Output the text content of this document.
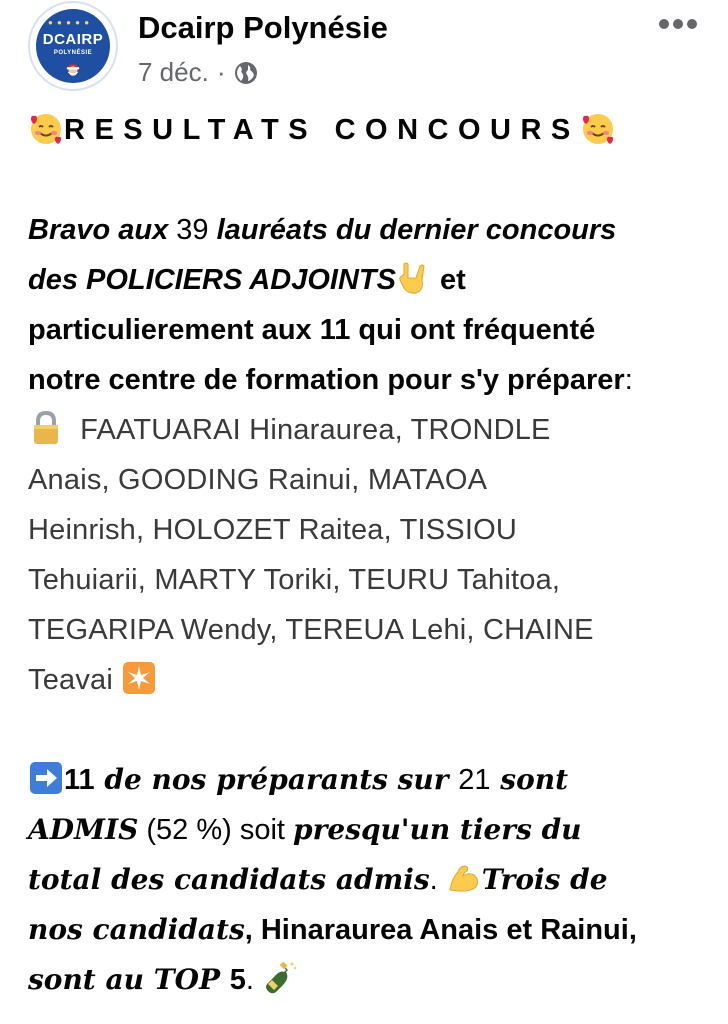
● ● ● ● ●
DCAIRP
POLYNÉSIE
Dcairp Polynésie
7 déc. ·
RESULTATS CONCOURS
Bravo aux 39 lauréats du dernier concours
des POLICIERS ADJOINTS
et
particulierement aux 11 qui ont fréquenté
notre centre de formation pour s'y préparer:
FAATUARAI Hinaraurea, TRONDLE
Anais, GOODING Rainui, MATAOA
Heinrish, HOLOZET Raitea, TISSIOU
Tehuiarii, MARTY Toriki, TEURU Tahitoa,
TEGARIPA Wendy, TEREUA Lehi, CHAINE
Teavai
11 de nos préparants sur 21 sont
ADMIS (52 %) soit presqu'un tiers du
total des candidats admis.
Trois de
nos candidats, Hinaraurea Anais et Rainui,
sont au TOP 5.
